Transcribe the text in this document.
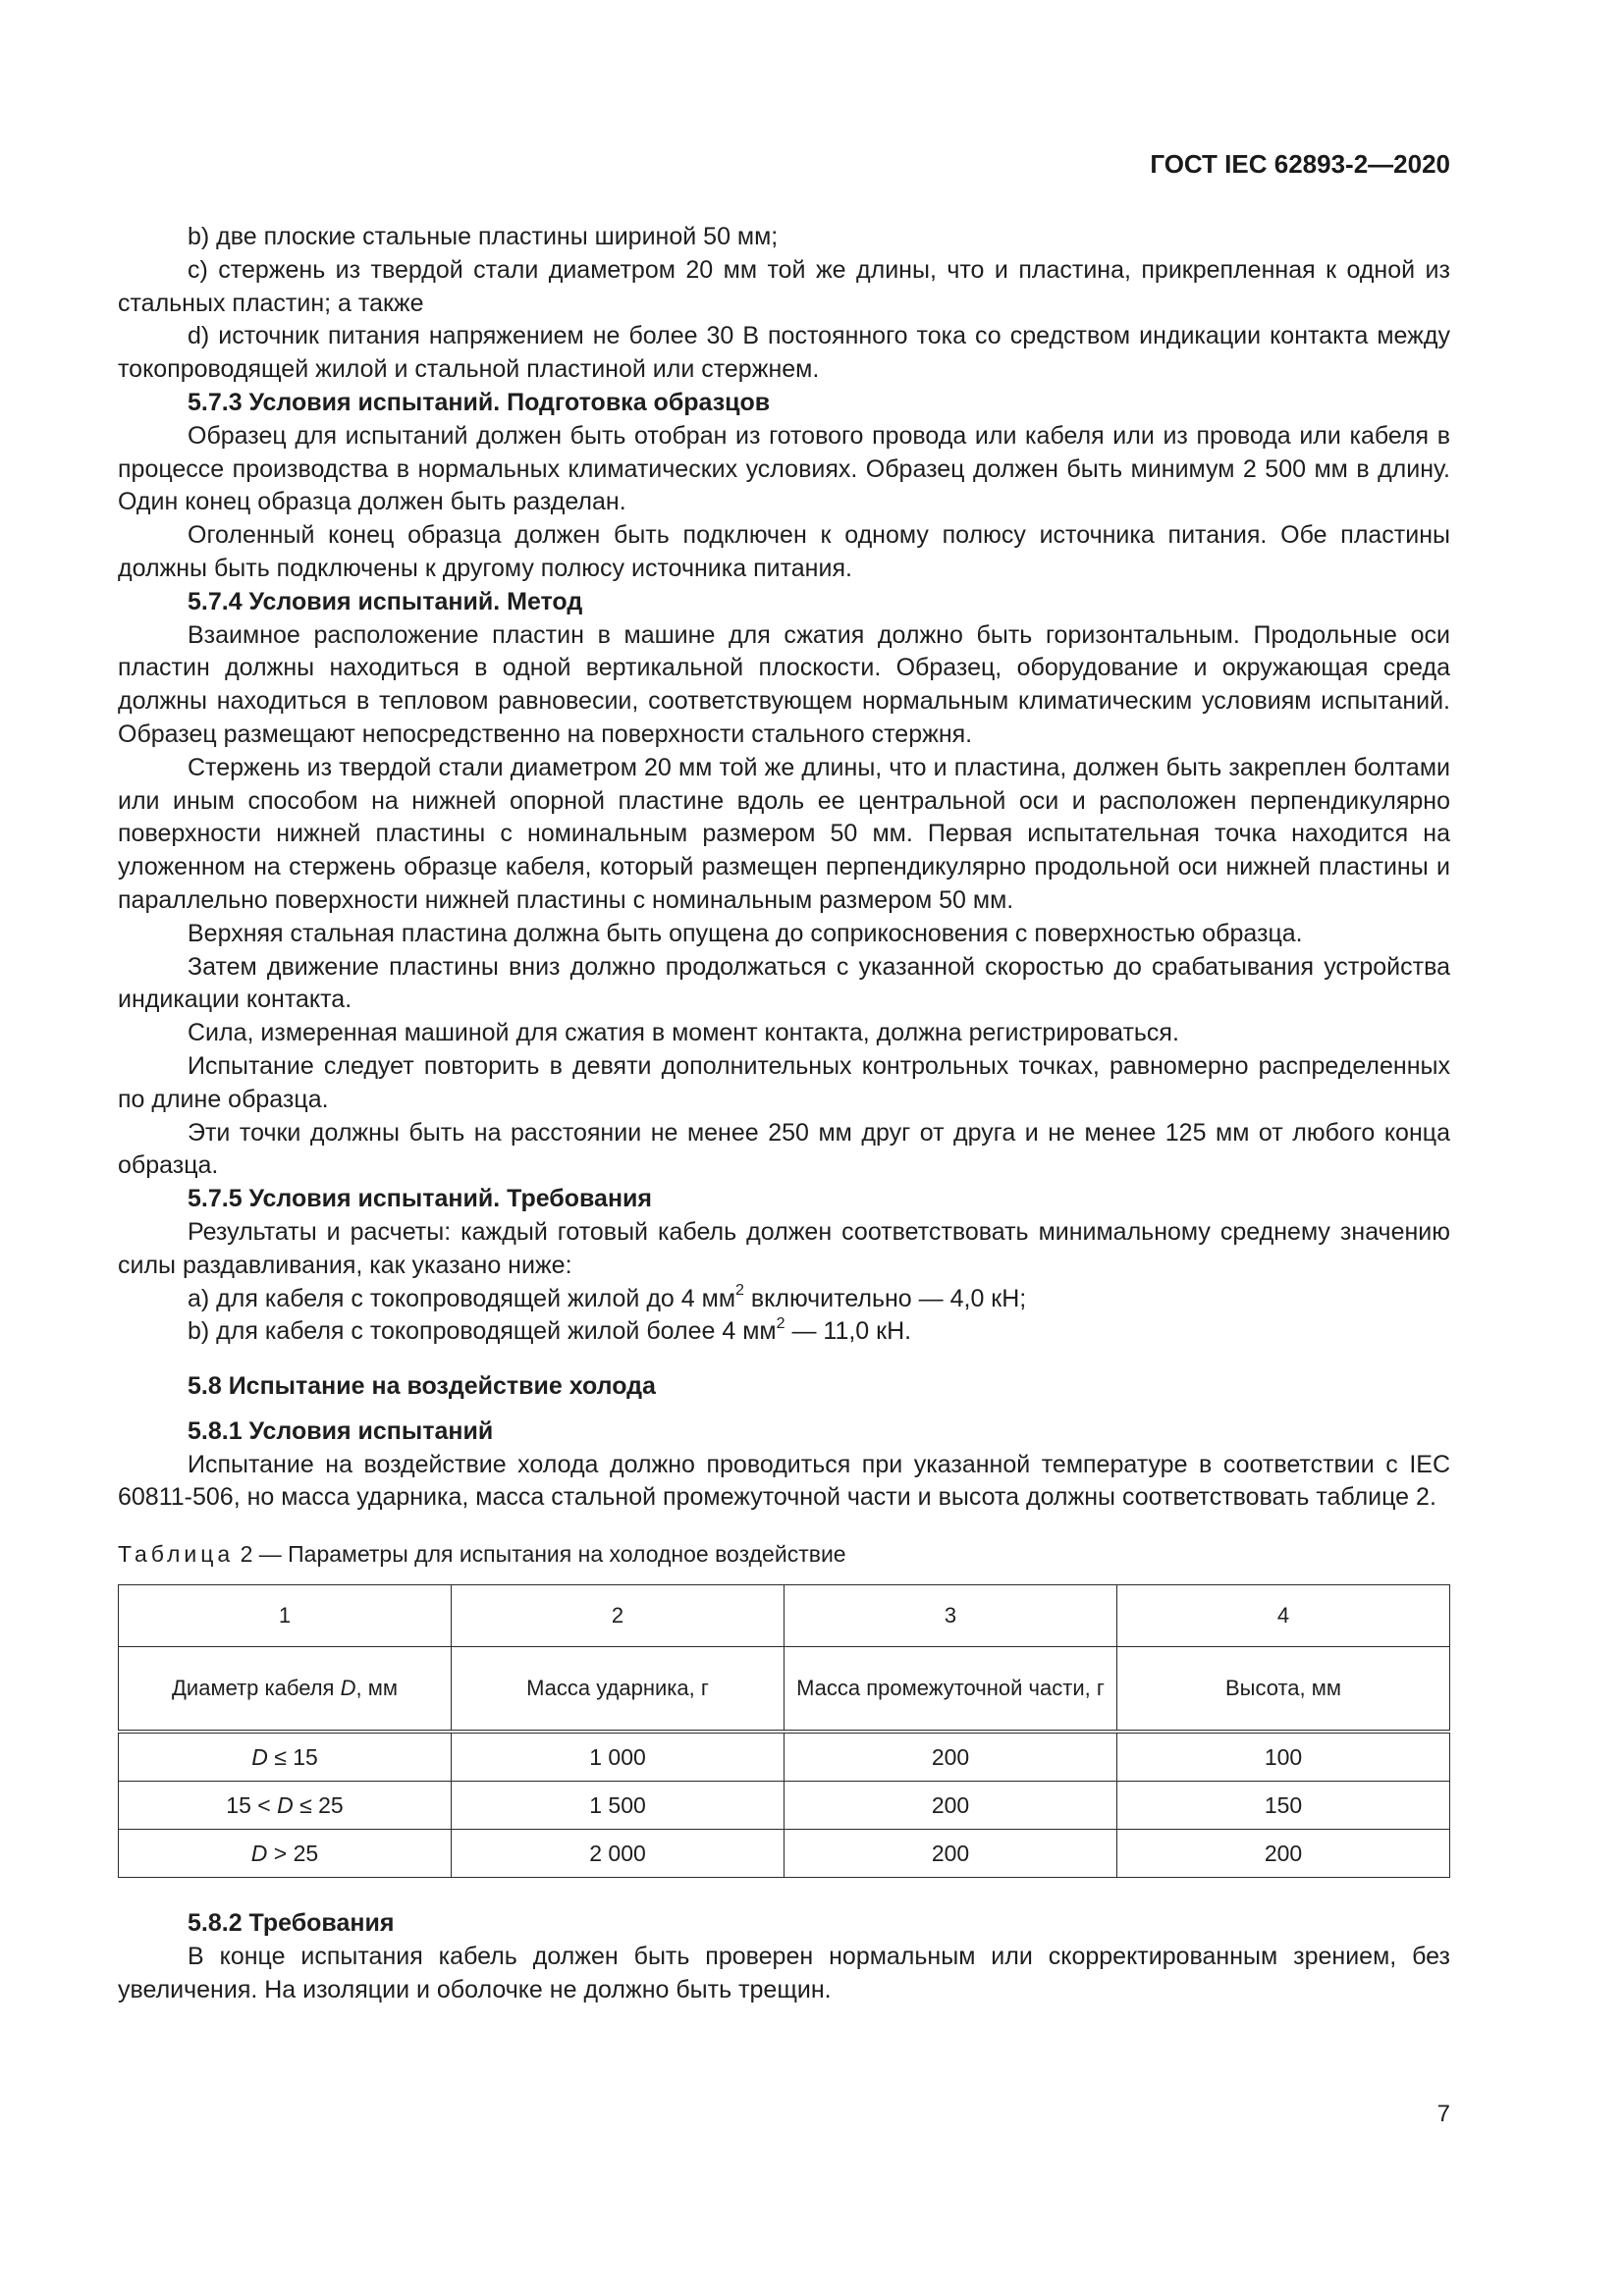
ГОСТ IEC 62893-2—2020

b) две плоские стальные пластины шириной 50 мм;

c) стержень из твердой стали диаметром 20 мм той же длины, что и пластина, прикрепленная к одной из стальных пластин; а также

d) источник питания напряжением не более 30 В постоянного тока со средством индикации контакта между токопроводящей жилой и стальной пластиной или стержнем.

5.7.3 Условия испытаний. Подготовка образцов

Образец для испытаний должен быть отобран из готового провода или кабеля или из провода или кабеля в процессе производства в нормальных климатических условиях. Образец должен быть минимум 2 500 мм в длину. Один конец образца должен быть разделан.

Оголенный конец образца должен быть подключен к одному полюсу источника питания. Обе пластины должны быть подключены к другому полюсу источника питания.

5.7.4 Условия испытаний. Метод

Взаимное расположение пластин в машине для сжатия должно быть горизонтальным. Продольные оси пластин должны находиться в одной вертикальной плоскости. Образец, оборудование и окружающая среда должны находиться в тепловом равновесии, соответствующем нормальным климатическим условиям испытаний. Образец размещают непосредственно на поверхности стального стержня.

Стержень из твердой стали диаметром 20 мм той же длины, что и пластина, должен быть закреплен болтами или иным способом на нижней опорной пластине вдоль ее центральной оси и расположен перпендикулярно поверхности нижней пластины с номинальным размером 50 мм. Первая испытательная точка находится на уложенном на стержень образце кабеля, который размещен перпендикулярно продольной оси нижней пластины и параллельно поверхности нижней пластины с номинальным размером 50 мм.

Верхняя стальная пластина должна быть опущена до соприкосновения с поверхностью образца.

Затем движение пластины вниз должно продолжаться с указанной скоростью до срабатывания устройства индикации контакта.

Сила, измеренная машиной для сжатия в момент контакта, должна регистрироваться.

Испытание следует повторить в девяти дополнительных контрольных точках, равномерно распределенных по длине образца.

Эти точки должны быть на расстоянии не менее 250 мм друг от друга и не менее 125 мм от любого конца образца.

5.7.5 Условия испытаний. Требования

Результаты и расчеты: каждый готовый кабель должен соответствовать минимальному среднему значению силы раздавливания, как указано ниже:

a) для кабеля с токопроводящей жилой до 4 $мм^2$ включительно — 4,0 кН;

b) для кабеля с токопроводящей жилой более 4 $мм^2$ — 11,0 кН.

5.8 Испытание на воздействие холода

5.8.1 Условия испытаний

Испытание на воздействие холода должно проводиться при указанной температуре в соответствии с IEC 60811-506, но масса ударника, масса стальной промежуточной части и высота должны соответствовать таблице 2.

Таблица 2 — Параметры для испытания на холодное воздействие

1	2	3	4
Диаметр кабеля D, мм	Масса ударника, г	Масса промежуточной части, г	Высота, мм
D ≤ 15	1 000	200	100
15 < D ≤ 25	1 500	200	150
D > 25	2 000	200	200

5.8.2 Требования

В конце испытания кабель должен быть проверен нормальным или скорректированным зрением, без увеличения. На изоляции и оболочке не должно быть трещин.

7
